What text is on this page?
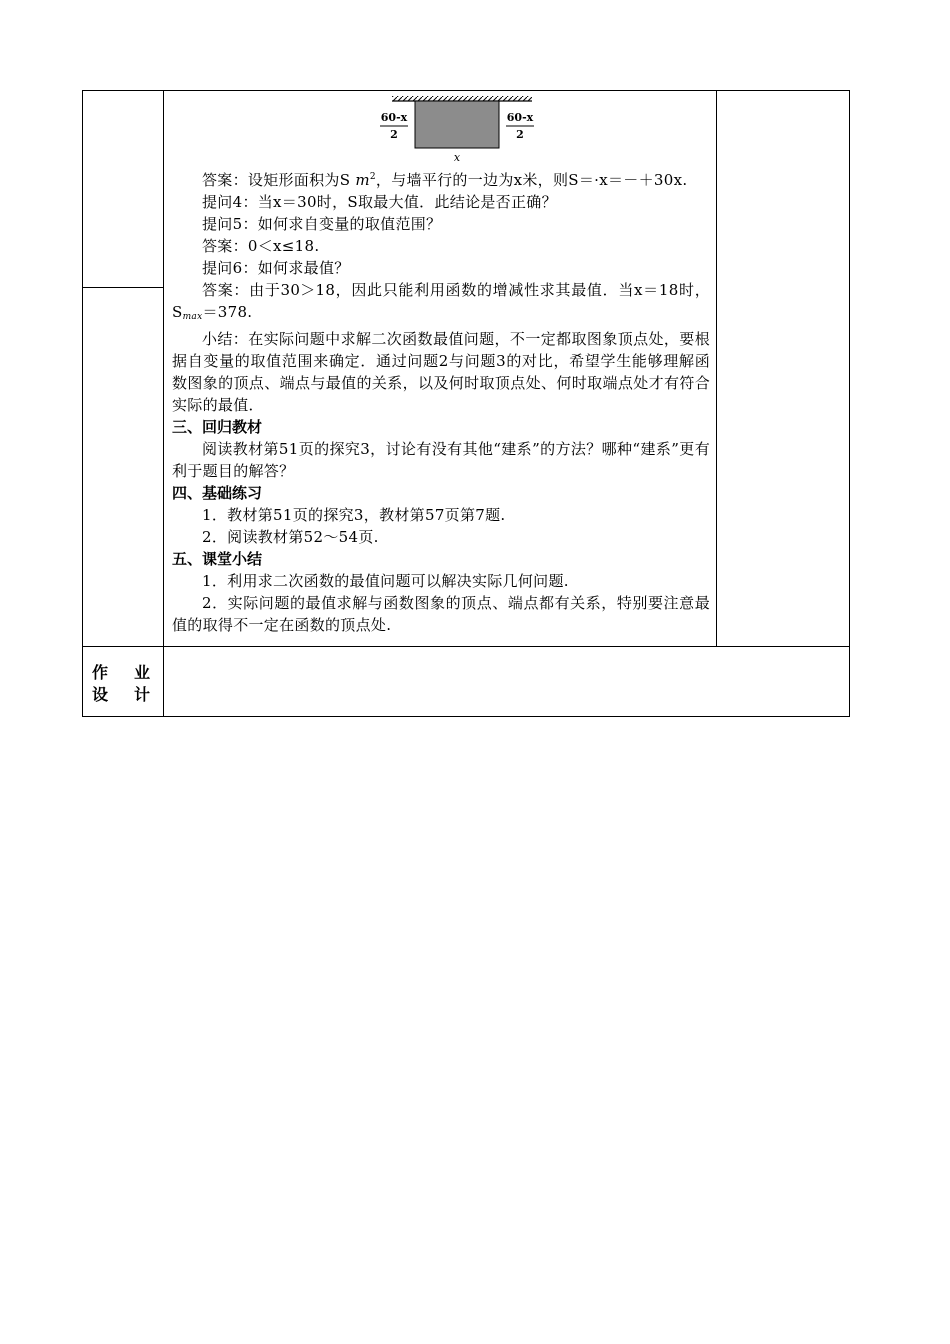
60-x
2
60-x
2
x

答案：设矩形面积为S $m^2$，与墙平行的一边为x米，则S＝·x＝－＋30x.

提问4：当x＝30时，S取最大值．此结论是否正确？

提问5：如何求自变量的取值范围？

答案：0＜x≤18.

提问6：如何求最值？

答案：由于30＞18，因此只能利用函数的增减性求其最值．当x＝18时，$S_{max}=378$.

小结：在实际问题中求解二次函数最值问题，不一定都取图象顶点处，要根据自变量的取值范围来确定．通过问题2与问题3的对比，希望学生能够理解函数图象的顶点、端点与最值的关系，以及何时取顶点处、何时取端点处才有符合实际的最值．

三、回归教材

阅读教材第51页的探究3，讨论有没有其他“建系”的方法？哪种“建系”更有利于题目的解答？

四、基础练习

1．教材第51页的探究3，教材第57页第7题.

2．阅读教材第52～54页.

五、课堂小结

1．利用求二次函数的最值问题可以解决实际几何问题.

2．实际问题的最值求解与函数图象的顶点、端点都有关系，特别要注意最值的取得不一定在函数的顶点处.

作 业
设 计
